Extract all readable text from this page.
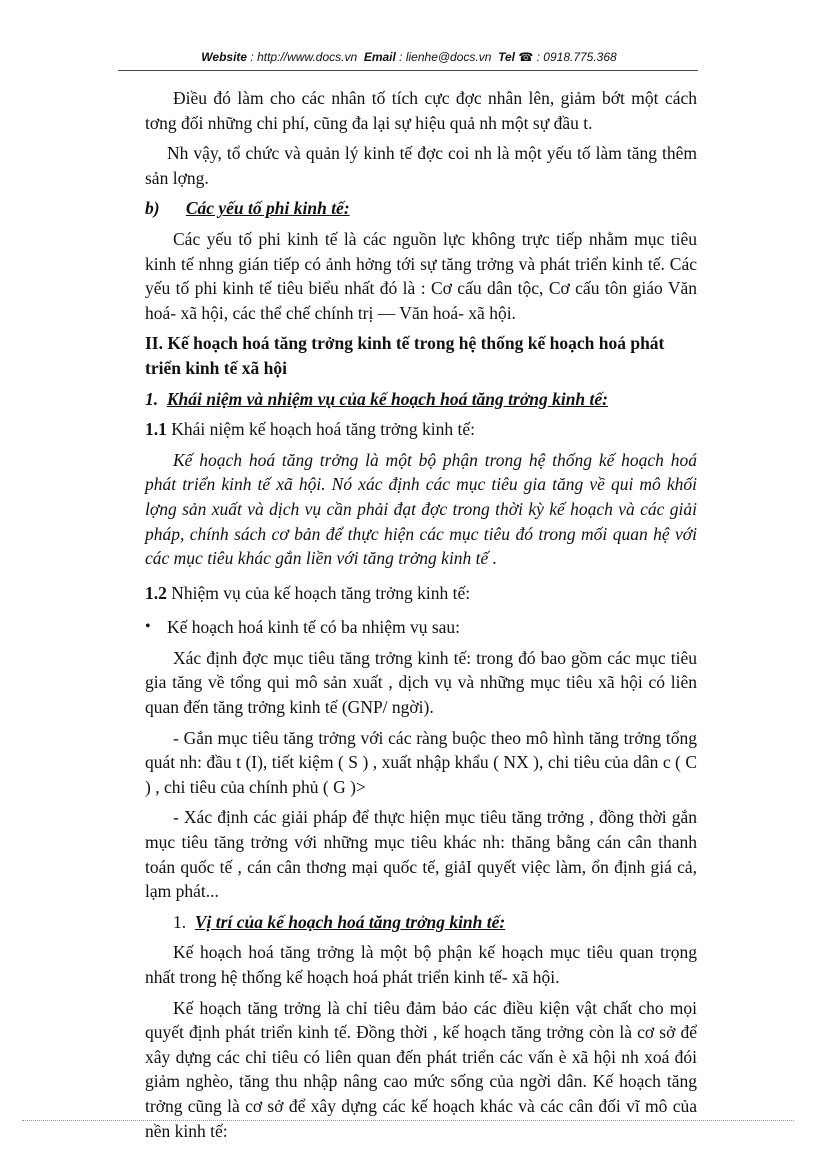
Website : http://www.docs.vn Email : lienhe@docs.vn Tel ☎ : 0918.775.368

Điều đó làm cho các nhân tố tích cực đợc nhân lên, giảm bớt một cách tơng đối những chi phí, cũng đa lại sự hiệu quả nh một sự đầu t.

Nh vậy, tổ chức và quản lý kinh tế đợc coi nh là một yếu tố làm tăng thêm sản lợng.

b) Các yếu tố phi kinh tế:

Các yếu tố phi kinh tế là các nguồn lực không trực tiếp nhằm mục tiêu kinh tế nhng gián tiếp có ảnh hởng tới sự tăng trởng và phát triển kinh tế. Các yếu tố phi kinh tế tiêu biểu nhất đó là : Cơ cấu dân tộc, Cơ cấu tôn giáo Văn hoá- xã hội, các thể chế chính trị — Văn hoá- xã hội.

II. Kế hoạch hoá tăng trởng kinh tế trong hệ thống kế hoạch hoá phát triển kinh tế xã hội

1. Khái niệm và nhiệm vụ của kế hoạch hoá tăng trởng kinh tế:

1.1 Khái niệm kế hoạch hoá tăng trởng kinh tế:

Kế hoạch hoá tăng trởng là một bộ phận trong hệ thống kế hoạch hoá phát triển kinh tế xã hội. Nó xác định các mục tiêu gia tăng về qui mô khối lợng sản xuất và dịch vụ cần phải đạt đợc trong thời kỳ kế hoạch và các giải pháp, chính sách cơ bản để thực hiện các mục tiêu đó trong mối quan hệ với các mục tiêu khác gắn liền với tăng trởng kinh tế .

1.2 Nhiệm vụ của kế hoạch tăng trởng kinh tế:

• Kế hoạch hoá kinh tế có ba nhiệm vụ sau:

Xác định đợc mục tiêu tăng trởng kinh tế: trong đó bao gồm các mục tiêu gia tăng về tổng qui mô sản xuất , dịch vụ và những mục tiêu xã hội có liên quan đến tăng trởng kinh tế (GNP/ ngời).

- Gắn mục tiêu tăng trởng với các ràng buộc theo mô hình tăng trởng tổng quát nh: đầu t (I), tiết kiệm ( S ) , xuất nhập khẩu ( NX ), chi tiêu của dân c ( C ) , chi tiêu của chính phủ ( G )>

- Xác định các giải pháp để thực hiện mục tiêu tăng trởng , đồng thời gắn mục tiêu tăng trởng với những mục tiêu khác nh: thăng bằng cán cân thanh toán quốc tế , cán cân thơng mại quốc tế, giảI quyết việc làm, ổn định giá cả, lạm phát...

1. Vị trí của kế hoạch hoá tăng trởng kinh tế:

Kế hoạch hoá tăng trởng là một bộ phận kế hoạch mục tiêu quan trọng nhất trong hệ thống kế hoạch hoá phát triển kinh tế- xã hội.

Kế hoạch tăng trởng là chỉ tiêu đảm bảo các điều kiện vật chất cho mọi quyết định phát triển kinh tế. Đồng thời , kế hoạch tăng trởng còn là cơ sở để xây dựng các chỉ tiêu có liên quan đến phát triển các vấn è xã hội nh xoá đói giảm nghèo, tăng thu nhập nâng cao mức sống của ngời dân. Kế hoạch tăng trởng cũng là cơ sở để xây dựng các kế hoạch khác và các cân đối vĩ mô của nền kinh tế:
